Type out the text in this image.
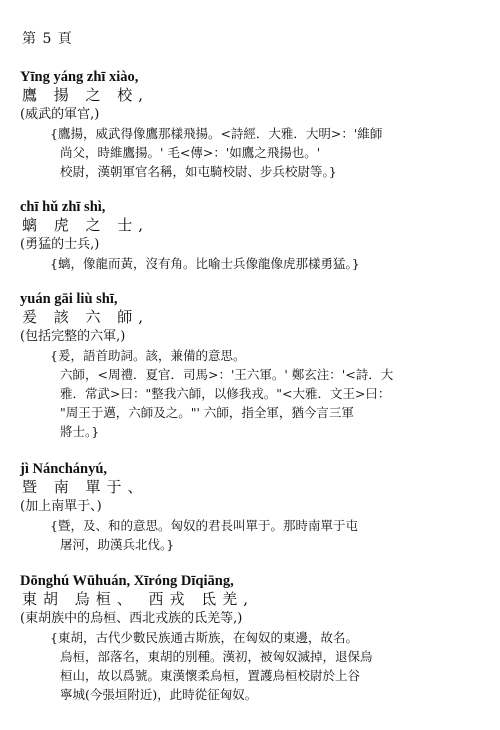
第 5 頁
Yīng yáng zhī xiào,
鷹 揚 之 校,
(威武的軍官,)
{鷹揚，威武得像鷹那樣飛揚。<詩經．大雅．大明>：'維師
尚父，時維鷹揚。' 毛<傳>：'如鷹之飛揚也。'
校尉，漢朝軍官名稱，如屯騎校尉、步兵校尉等。}
chī hǔ zhī shì,
螭 虎 之 士,
(勇猛的士兵,)
{螭，像龍而黃，沒有角。比喻士兵像龍像虎那樣勇猛。}
yuán gāi liù shī,
爰 該 六 師,
(包括完整的六軍,)
{爰，語首助詞。該，兼備的意思。
六師，<周禮．夏官．司馬>：'王六軍。' 鄭玄注：'<詩．大
雅．常武>曰："整我六師，以修我戎。"<大雅．文王>曰：
"周王于邁，六師及之。"' 六師，指全軍，猶今言三軍
將士。}
jì Nánchányú,
暨 南 單于、
(加上南單于、)
{暨，及、和的意思。匈奴的君長叫單于。那時南單于屯
屠河，助漢兵北伐。}
Dōnghú Wūhuán, Xīróng Dīqiāng,
東胡 烏桓、 西戎 氐羌,
(東胡族中的烏桓、西北戎族的氐羌等,)
{東胡，古代少數民族通古斯族，在匈奴的東邊，故名。
烏桓，部落名，東胡的別種。漢初，被匈奴滅掉，退保烏
桓山，故以爲號。東漢懷柔烏桓，置護烏桓校尉於上谷
寧城(今張垣附近)，此時從征匈奴。
